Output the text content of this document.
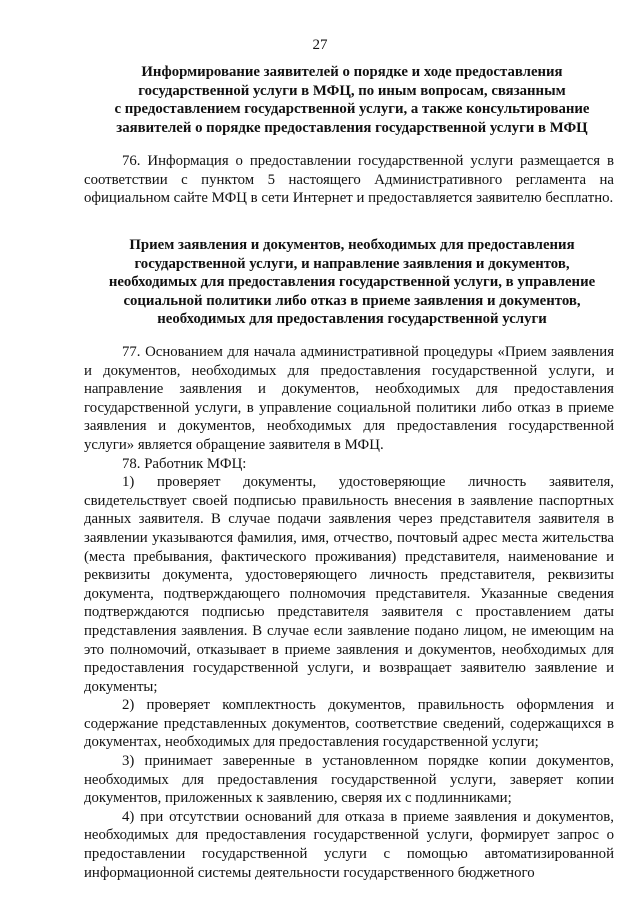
27
Информирование заявителей о порядке и ходе предоставления
государственной услуги в МФЦ, по иным вопросам, связанным
с предоставлением государственной услуги, а также консультирование
заявителей о порядке предоставления государственной услуги в МФЦ

76. Информация о предоставлении государственной услуги размещается в соответствии с пунктом 5 настоящего Административного регламента на официальном сайте МФЦ в сети Интернет и предоставляется заявителю бесплатно.

Прием заявления и документов, необходимых для предоставления
государственной услуги, и направление заявления и документов,
необходимых для предоставления государственной услуги, в управление
социальной политики либо отказ в приеме заявления и документов,
необходимых для предоставления государственной услуги

77. Основанием для начала административной процедуры «Прием заявления и документов, необходимых для предоставления государственной услуги, и направление заявления и документов, необходимых для предоставления государственной услуги, в управление социальной политики либо отказ в приеме заявления и документов, необходимых для предоставления государственной услуги» является обращение заявителя в МФЦ.

78. Работник МФЦ:

1) проверяет документы, удостоверяющие личность заявителя, свидетельствует своей подписью правильность внесения в заявление паспортных данных заявителя. В случае подачи заявления через представителя заявителя в заявлении указываются фамилия, имя, отчество, почтовый адрес места жительства (места пребывания, фактического проживания) представителя, наименование и реквизиты документа, удостоверяющего личность представителя, реквизиты документа, подтверждающего полномочия представителя. Указанные сведения подтверждаются подписью представителя заявителя с проставлением даты представления заявления. В случае если заявление подано лицом, не имеющим на это полномочий, отказывает в приеме заявления и документов, необходимых для предоставления государственной услуги, и возвращает заявителю заявление и документы;

2) проверяет комплектность документов, правильность оформления и содержание представленных документов, соответствие сведений, содержащихся в документах, необходимых для предоставления государственной услуги;

3) принимает заверенные в установленном порядке копии документов, необходимых для предоставления государственной услуги, заверяет копии документов, приложенных к заявлению, сверяя их с подлинниками;

4) при отсутствии оснований для отказа в приеме заявления и документов, необходимых для предоставления государственной услуги, формирует запрос о предоставлении государственной услуги с помощью автоматизированной информационной системы деятельности государственного бюджетного
